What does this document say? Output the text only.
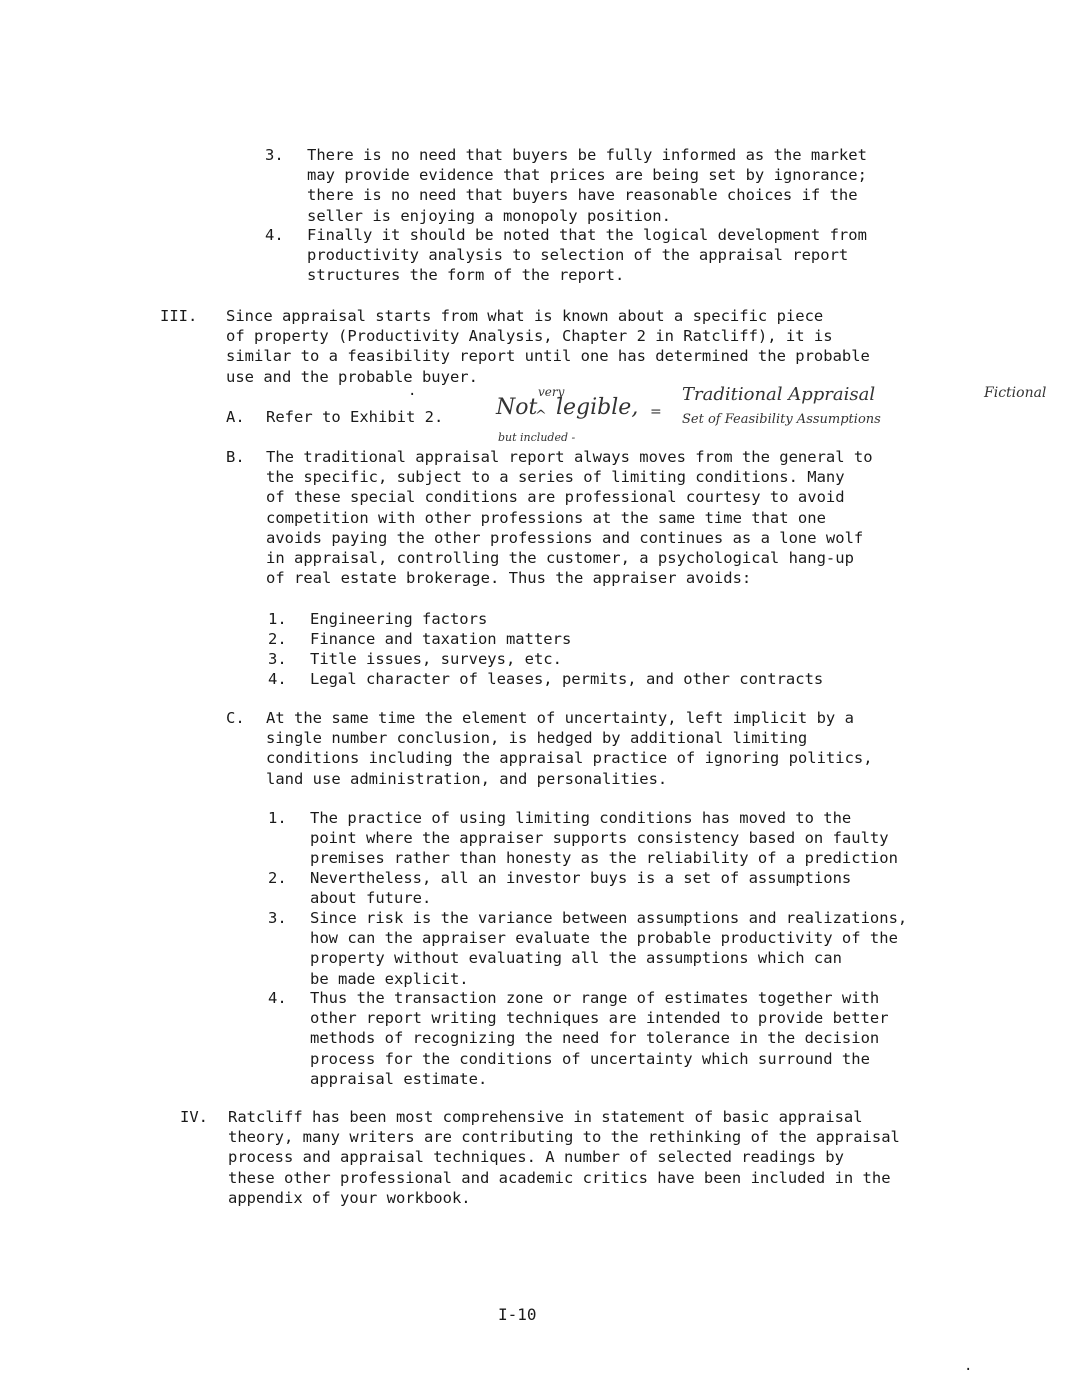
3. There is no need that buyers be fully informed as the market
may provide evidence that prices are being set by ignorance;
there is no need that buyers have reasonable choices if the
seller is enjoying a monopoly position.
4. Finally it should be noted that the logical development from
productivity analysis to selection of the appraisal report
structures the form of the report.
III. Since appraisal starts from what is known about a specific piece
of property (Productivity Analysis, Chapter 2 in Ratcliff), it is
similar to a feasibility report until one has determined the probable
use and the probable buyer.
A. Refer to Exhibit 2.
very
Not
^ legible, =
but included -
Traditional Appraisal
Set of Feasibility Assumptions
Fictional
B. The traditional appraisal report always moves from the general to
the specific, subject to a series of limiting conditions. Many
of these special conditions are professional courtesy to avoid
competition with other professions at the same time that one
avoids paying the other professions and continues as a lone wolf
in appraisal, controlling the customer, a psychological hang-up
of real estate brokerage. Thus the appraiser avoids:
1. Engineering factors
2. Finance and taxation matters
3. Title issues, surveys, etc.
4. Legal character of leases, permits, and other contracts
C. At the same time the element of uncertainty, left implicit by a
single number conclusion, is hedged by additional limiting
conditions including the appraisal practice of ignoring politics,
land use administration, and personalities.
1. The practice of using limiting conditions has moved to the
point where the appraiser supports consistency based on faulty
premises rather than honesty as the reliability of a prediction
2. Nevertheless, all an investor buys is a set of assumptions
about future.
3. Since risk is the variance between assumptions and realizations,
how can the appraiser evaluate the probable productivity of the
property without evaluating all the assumptions which can
be made explicit.
4. Thus the transaction zone or range of estimates together with
other report writing techniques are intended to provide better
methods of recognizing the need for tolerance in the decision
process for the conditions of uncertainty which surround the
appraisal estimate.
IV. Ratcliff has been most comprehensive in statement of basic appraisal
theory, many writers are contributing to the rethinking of the appraisal
process and appraisal techniques. A number of selected readings by
these other professional and academic critics have been included in the
appendix of your workbook.
I-10
·
·
